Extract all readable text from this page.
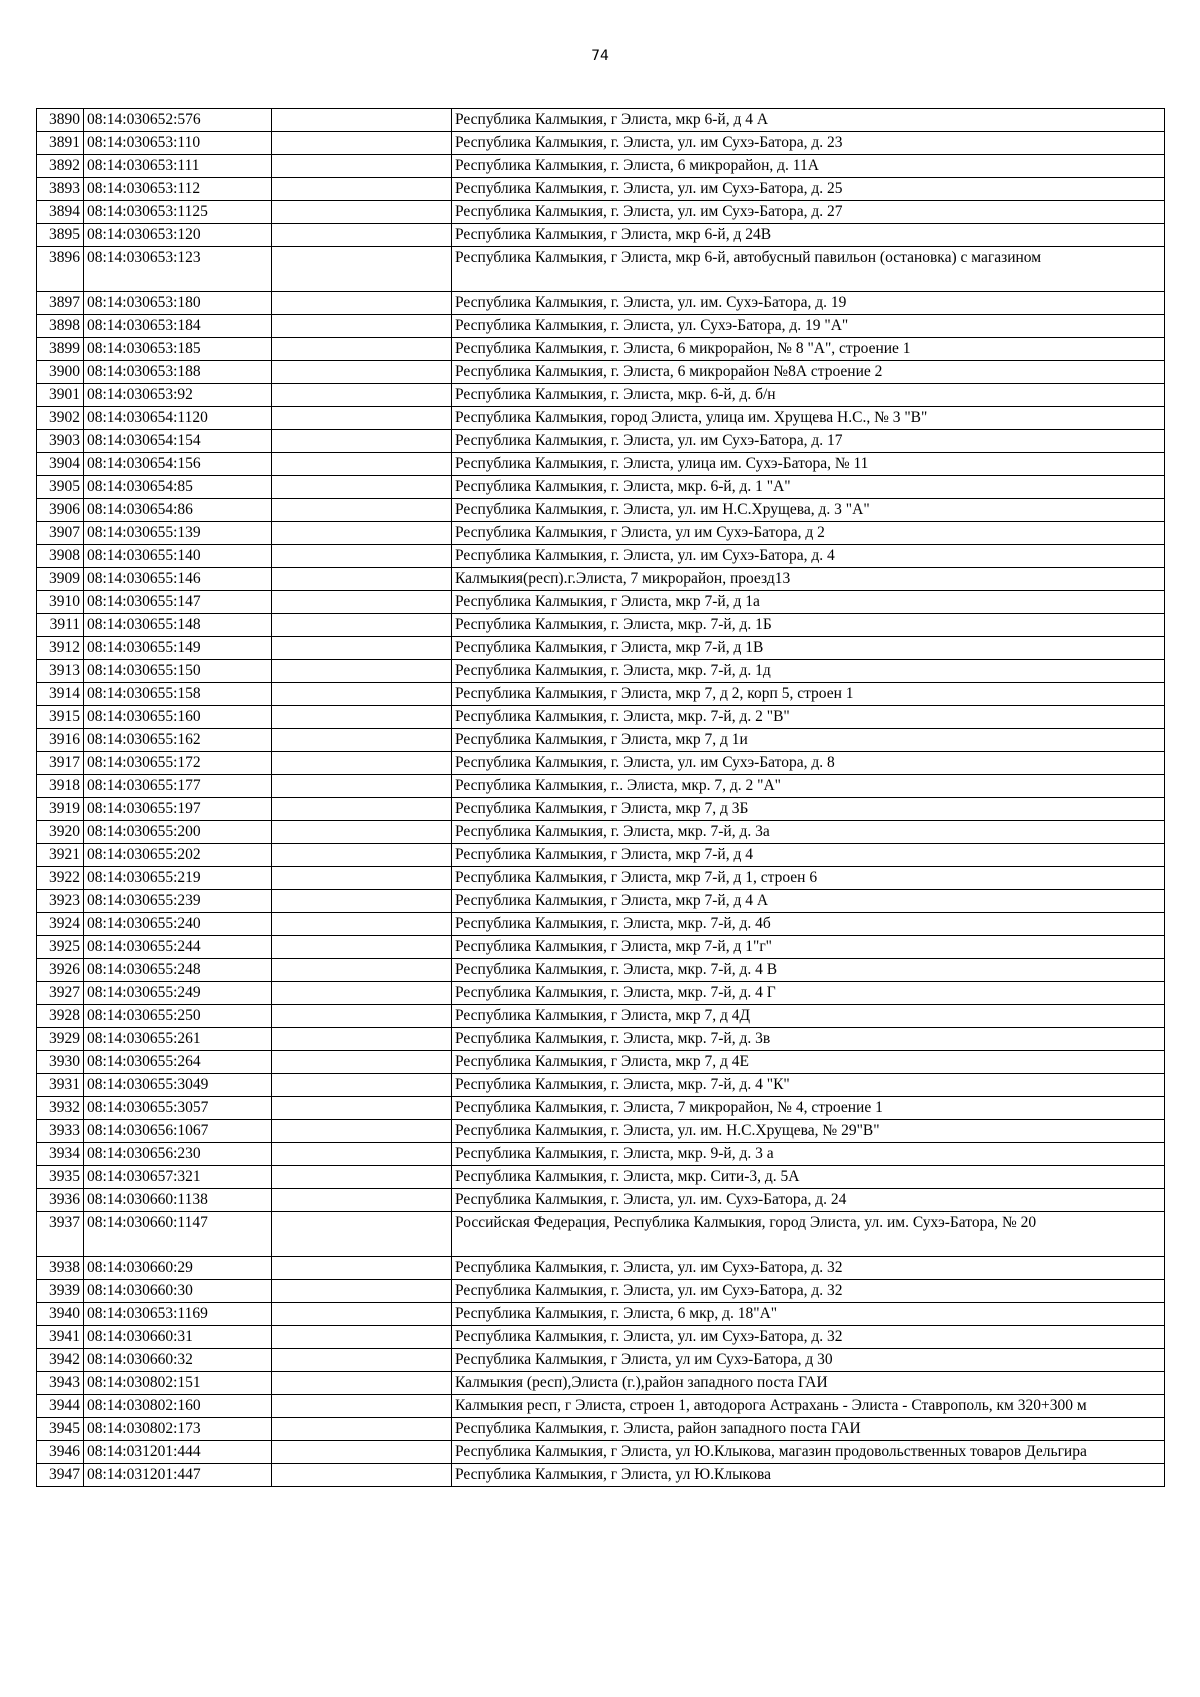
74
3890	08:14:030652:576		Республика Калмыкия, г Элиста, мкр 6-й, д 4 А
3891	08:14:030653:110		Республика Калмыкия, г. Элиста, ул. им Сухэ-Батора, д. 23
3892	08:14:030653:111		Республика Калмыкия, г. Элиста, 6 микрорайон, д. 11А
3893	08:14:030653:112		Республика Калмыкия, г. Элиста, ул. им Сухэ-Батора, д. 25
3894	08:14:030653:1125		Республика Калмыкия, г. Элиста, ул. им Сухэ-Батора, д. 27
3895	08:14:030653:120		Республика Калмыкия, г Элиста, мкр 6-й, д 24В
3896	08:14:030653:123		Республика Калмыкия, г Элиста, мкр 6-й, автобусный павильон (остановка) с магазином
3897	08:14:030653:180		Республика Калмыкия, г. Элиста, ул. им. Сухэ-Батора, д. 19
3898	08:14:030653:184		Республика Калмыкия, г. Элиста, ул. Сухэ-Батора, д. 19 "А"
3899	08:14:030653:185		Республика Калмыкия, г. Элиста, 6 микрорайон, № 8 "А", строение 1
3900	08:14:030653:188		Республика Калмыкия, г. Элиста, 6 микрорайон №8А строение 2
3901	08:14:030653:92		Республика Калмыкия, г. Элиста, мкр. 6-й, д. б/н
3902	08:14:030654:1120		Республика Калмыкия, город Элиста, улица им. Хрущева Н.С., № 3 "В"
3903	08:14:030654:154		Республика Калмыкия, г. Элиста, ул. им Сухэ-Батора, д. 17
3904	08:14:030654:156		Республика Калмыкия, г. Элиста, улица им. Сухэ-Батора, № 11
3905	08:14:030654:85		Республика Калмыкия, г. Элиста, мкр. 6-й, д. 1 "А"
3906	08:14:030654:86		Республика Калмыкия, г. Элиста, ул. им Н.С.Хрущева, д. 3 "А"
3907	08:14:030655:139		Республика Калмыкия, г Элиста, ул им Сухэ-Батора, д 2
3908	08:14:030655:140		Республика Калмыкия, г. Элиста, ул. им Сухэ-Батора, д. 4
3909	08:14:030655:146		Калмыкия(респ).г.Элиста, 7 микрорайон, проезд13
3910	08:14:030655:147		Республика Калмыкия, г Элиста, мкр 7-й, д 1а
3911	08:14:030655:148		Республика Калмыкия, г. Элиста, мкр. 7-й, д. 1Б
3912	08:14:030655:149		Республика Калмыкия, г Элиста, мкр 7-й, д 1В
3913	08:14:030655:150		Республика Калмыкия, г. Элиста, мкр. 7-й, д. 1д
3914	08:14:030655:158		Республика Калмыкия, г Элиста, мкр 7, д 2, корп 5, строен 1
3915	08:14:030655:160		Республика Калмыкия, г. Элиста, мкр. 7-й, д. 2 "В"
3916	08:14:030655:162		Республика Калмыкия, г Элиста, мкр 7, д 1и
3917	08:14:030655:172		Республика Калмыкия, г. Элиста, ул. им Сухэ-Батора, д. 8
3918	08:14:030655:177		Республика Калмыкия, г.. Элиста, мкр. 7, д. 2 "А"
3919	08:14:030655:197		Республика Калмыкия, г Элиста, мкр 7, д 3Б
3920	08:14:030655:200		Республика Калмыкия, г. Элиста, мкр. 7-й, д. 3а
3921	08:14:030655:202		Республика Калмыкия, г Элиста, мкр 7-й, д 4
3922	08:14:030655:219		Республика Калмыкия, г Элиста, мкр 7-й, д 1, строен 6
3923	08:14:030655:239		Республика Калмыкия, г Элиста, мкр 7-й, д 4 А
3924	08:14:030655:240		Республика Калмыкия, г. Элиста, мкр. 7-й, д. 4б
3925	08:14:030655:244		Республика Калмыкия, г Элиста, мкр 7-й, д 1"г"
3926	08:14:030655:248		Республика Калмыкия, г. Элиста, мкр. 7-й, д. 4 В
3927	08:14:030655:249		Республика Калмыкия, г. Элиста, мкр. 7-й, д. 4 Г
3928	08:14:030655:250		Республика Калмыкия, г Элиста, мкр 7, д 4Д
3929	08:14:030655:261		Республика Калмыкия, г. Элиста, мкр. 7-й, д. 3в
3930	08:14:030655:264		Республика Калмыкия, г Элиста, мкр 7, д 4Е
3931	08:14:030655:3049		Республика Калмыкия, г. Элиста, мкр. 7-й, д. 4 "К"
3932	08:14:030655:3057		Республика Калмыкия, г. Элиста, 7 микрорайон, № 4, строение 1
3933	08:14:030656:1067		Республика Калмыкия, г. Элиста, ул. им. Н.С.Хрущева, № 29"В"
3934	08:14:030656:230		Республика Калмыкия, г. Элиста, мкр. 9-й, д. 3 а
3935	08:14:030657:321		Республика Калмыкия, г. Элиста, мкр. Сити-3, д. 5А
3936	08:14:030660:1138		Республика Калмыкия, г. Элиста, ул. им. Сухэ-Батора, д. 24
3937	08:14:030660:1147		Российская Федерация, Республика Калмыкия, город Элиста, ул. им. Сухэ-Батора, № 20
3938	08:14:030660:29		Республика Калмыкия, г. Элиста, ул. им Сухэ-Батора, д. 32
3939	08:14:030660:30		Республика Калмыкия, г. Элиста, ул. им Сухэ-Батора, д. 32
3940	08:14:030653:1169		Республика Калмыкия, г. Элиста, 6 мкр, д. 18"А"
3941	08:14:030660:31		Республика Калмыкия, г. Элиста, ул. им Сухэ-Батора, д. 32
3942	08:14:030660:32		Республика Калмыкия, г Элиста, ул им Сухэ-Батора, д 30
3943	08:14:030802:151		Калмыкия (респ),Элиста (г.),район западного поста ГАИ
3944	08:14:030802:160		Калмыкия респ, г Элиста, строен 1, автодорога Астрахань - Элиста - Ставрополь, км 320+300 м
3945	08:14:030802:173		Республика Калмыкия, г. Элиста, район западного поста ГАИ
3946	08:14:031201:444		Республика Калмыкия, г Элиста, ул Ю.Клыкова, магазин продовольственных товаров Дельгира
3947	08:14:031201:447		Республика Калмыкия, г Элиста, ул Ю.Клыкова
